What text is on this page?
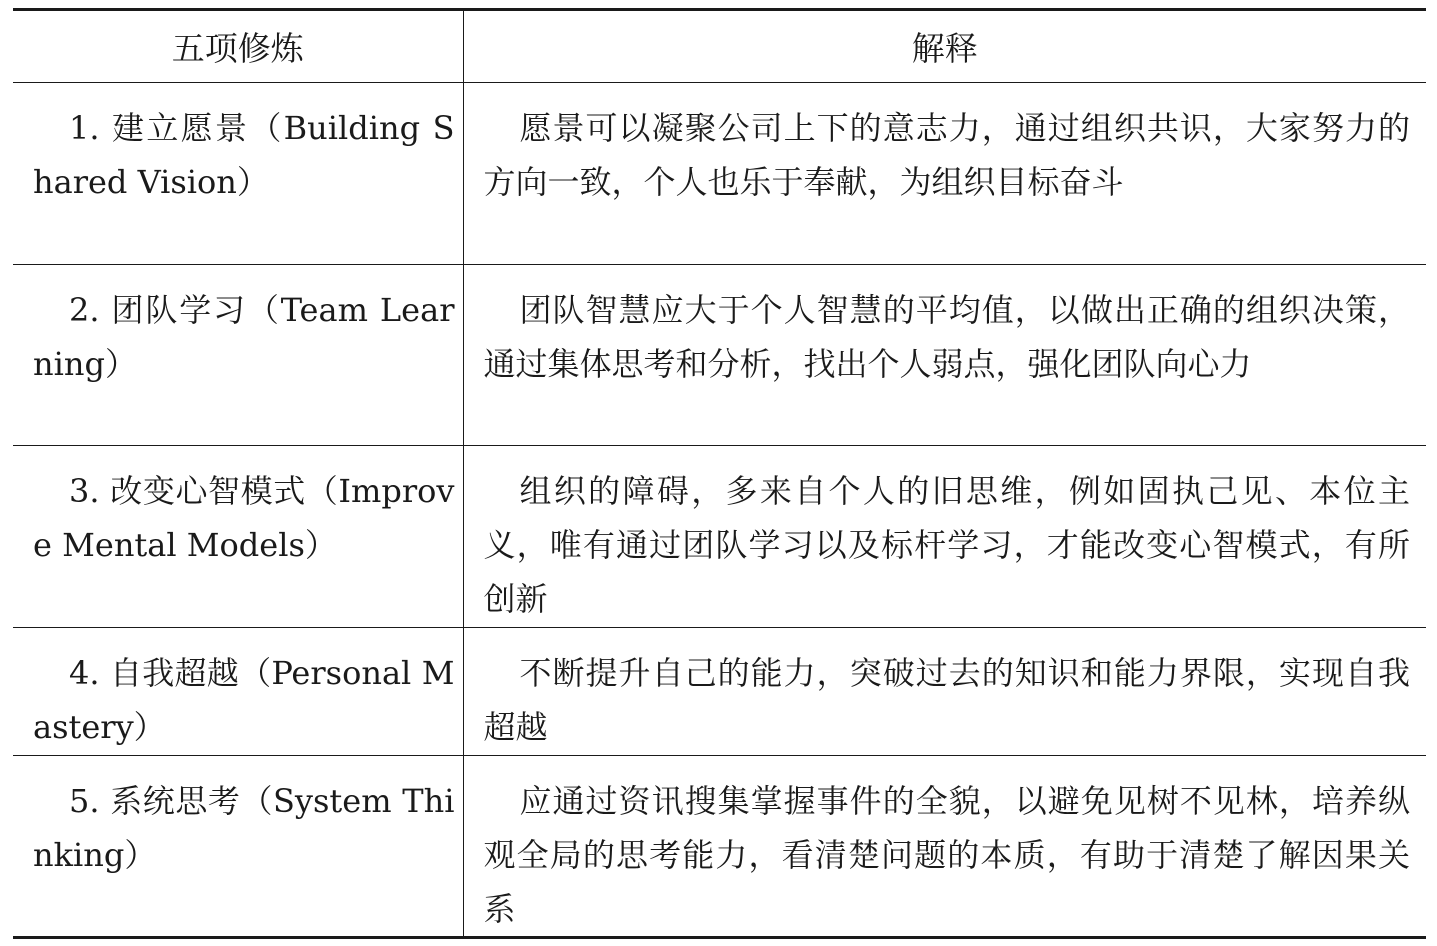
五项修炼	解释

1. 建立愿景（Building Shared Vision）	愿景可以凝聚公司上下的意志力，通过组织共识，大家努力的方向一致，个人也乐于奉献，为组织目标奋斗

2. 团队学习（Team Learning）	团队智慧应大于个人智慧的平均值，以做出正确的组织决策，通过集体思考和分析，找出个人弱点，强化团队向心力

3. 改变心智模式（Improve Mental Models）	组织的障碍，多来自个人的旧思维，例如固执己见、本位主义，唯有通过团队学习以及标杆学习，才能改变心智模式，有所创新

4. 自我超越（Personal Mastery）	不断提升自己的能力，突破过去的知识和能力界限，实现自我超越

5. 系统思考（System Thinking）	应通过资讯搜集掌握事件的全貌，以避免见树不见林，培养纵观全局的思考能力，看清楚问题的本质，有助于清楚了解因果关系
